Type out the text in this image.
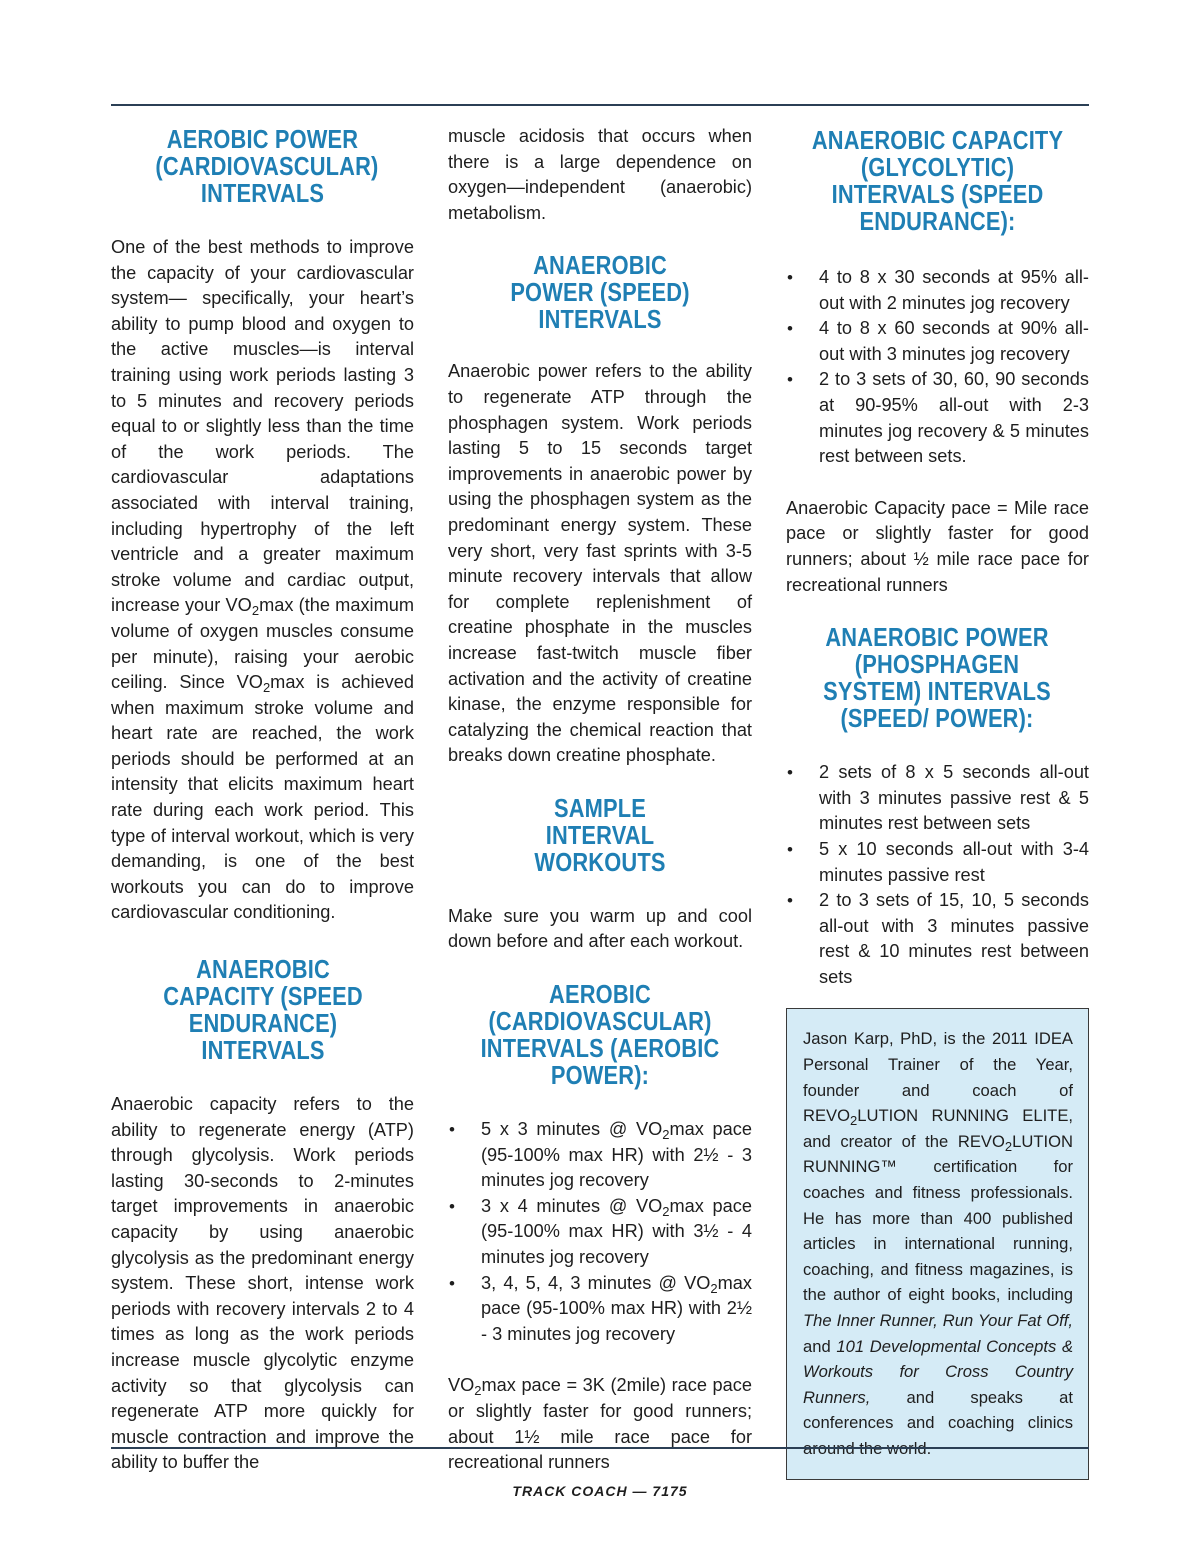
AEROBIC POWER (CARDIOVASCULAR) INTERVALS

One of the best methods to improve the capacity of your cardiovascular system— specifically, your heart’s ability to pump blood and oxygen to the active muscles—is interval training using work periods lasting 3 to 5 minutes and recovery periods equal to or slightly less than the time of the work periods. The cardiovascular adaptations associated with interval training, including hypertrophy of the left ventricle and a greater maximum stroke volume and cardiac output, increase your $VO_2\max$ (the maximum volume of oxygen muscles consume per minute), raising your aerobic ceiling. Since $VO_2\max$ is achieved when maximum stroke volume and heart rate are reached, the work periods should be performed at an intensity that elicits maximum heart rate during each work period. This type of interval workout, which is very demanding, is one of the best workouts you can do to improve cardiovascular conditioning.

ANAEROBIC CAPACITY (SPEED ENDURANCE) INTERVALS

Anaerobic capacity refers to the ability to regenerate energy (ATP) through glycolysis. Work periods lasting 30-seconds to 2-minutes target improvements in anaerobic capacity by using anaerobic glycolysis as the predominant energy system. These short, intense work periods with recovery intervals 2 to 4 times as long as the work periods increase muscle glycolytic enzyme activity so that glycolysis can regenerate ATP more quickly for muscle contraction and improve the ability to buffer the

muscle acidosis that occurs when there is a large dependence on oxygen—independent (anaerobic) metabolism.

ANAEROBIC POWER (SPEED) INTERVALS

Anaerobic power refers to the ability to regenerate ATP through the phosphagen system. Work periods lasting 5 to 15 seconds target improvements in anaerobic power by using the phosphagen system as the predominant energy system. These very short, very fast sprints with 3-5 minute recovery intervals that allow for complete replenishment of creatine phosphate in the muscles increase fast-twitch muscle fiber activation and the activity of creatine kinase, the enzyme responsible for catalyzing the chemical reaction that breaks down creatine phosphate.

SAMPLE INTERVAL WORKOUTS

Make sure you warm up and cool down before and after each workout.

AEROBIC (CARDIOVASCULAR) INTERVALS (AEROBIC POWER):
• 5 x 3 minutes @ $VO_2\max$ pace (95-100% max HR) with 2½ - 3 minutes jog recovery
• 3 x 4 minutes @ $VO_2\max$ pace (95-100% max HR) with 3½ - 4 minutes jog recovery
• 3, 4, 5, 4, 3 minutes @ $VO_2\max$ pace (95-100% max HR) with 2½ - 3 minutes jog recovery

$VO_2\max$ pace = 3K (2mile) race pace or slightly faster for good runners; about 1½ mile race pace for recreational runners

ANAEROBIC CAPACITY (GLYCOLYTIC) INTERVALS (SPEED ENDURANCE):
• 4 to 8 x 30 seconds at 95% all-out with 2 minutes jog recovery
• 4 to 8 x 60 seconds at 90% all-out with 3 minutes jog recovery
• 2 to 3 sets of 30, 60, 90 seconds at 90-95% all-out with 2-3 minutes jog recovery & 5 minutes rest between sets.

Anaerobic Capacity pace = Mile race pace or slightly faster for good runners; about ½ mile race pace for recreational runners

ANAEROBIC POWER (PHOSPHAGEN SYSTEM) INTERVALS (SPEED/ POWER):
• 2 sets of 8 x 5 seconds all-out with 3 minutes passive rest & 5 minutes rest between sets
• 5 x 10 seconds all-out with 3-4 minutes passive rest
• 2 to 3 sets of 15, 10, 5 seconds all-out with 3 minutes passive rest & 10 minutes rest between sets

Jason Karp, PhD, is the 2011 IDEA Personal Trainer of the Year, founder and coach of $REVO_2LUTION$ RUNNING ELITE, and creator of the $REVO_2LUTION$ RUNNING™ certification for coaches and fitness professionals. He has more than 400 published articles in international running, coaching, and fitness magazines, is the author of eight books, including The Inner Runner, Run Your Fat Off, and 101 Developmental Concepts & Workouts for Cross Country Runners, and speaks at conferences and coaching clinics

TRACK COACH — 7175
